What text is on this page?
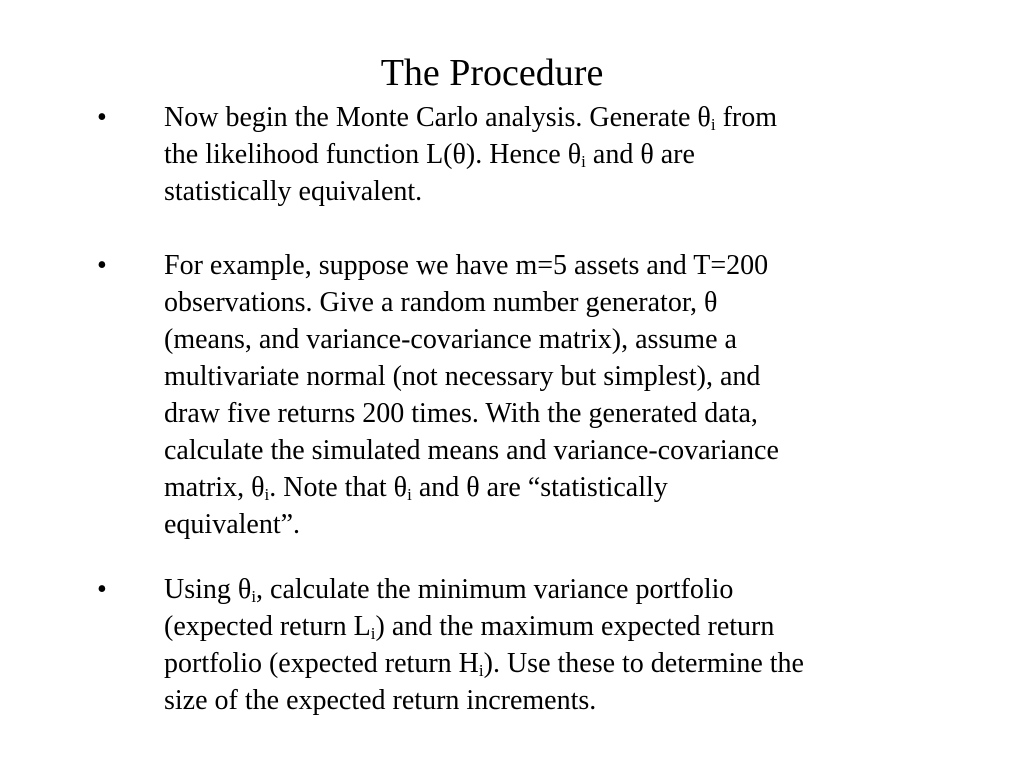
The Procedure
• Now begin the Monte Carlo analysis. Generate $\theta_i$ from
the likelihood function L(θ). Hence $\theta_i$ and θ are
statistically equivalent.
• For example, suppose we have m=5 assets and T=200
observations. Give a random number generator, θ
(means, and variance-covariance matrix), assume a
multivariate normal (not necessary but simplest), and
draw five returns 200 times. With the generated data,
calculate the simulated means and variance-covariance
matrix, $\theta_i$. Note that $\theta_i$ and θ are “statistically
equivalent”.
• Using $\theta_i$, calculate the minimum variance portfolio
(expected return $L_i$) and the maximum expected return
portfolio (expected return $H_i$). Use these to determine the
size of the expected return increments.
